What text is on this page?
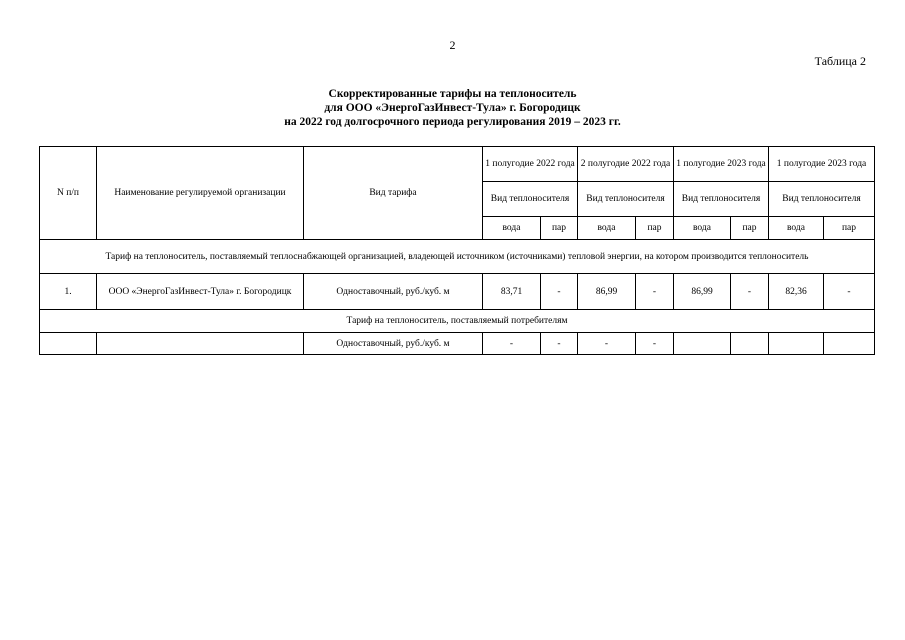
2
Таблица 2
Скорректированные тарифы на теплоноситель
для ООО «ЭнергоГазИнвест-Тула» г. Богородицк
на 2022 год долгосрочного периода регулирования 2019 – 2023 гг.
N п/п	Наименование регулируемой организации	Вид тарифа	1 полугодие 2022 года		2 полугодие 2022 года		1 полугодие 2023 года		1 полугодие 2023 года	
			Вид теплоносителя		Вид теплоносителя		Вид теплоносителя		Вид теплоносителя	
			вода	пар	вода	пар	вода	пар	вода	пар
Тариф на теплоноситель, поставляемый теплоснабжающей организацией, владеющей источником (источниками) тепловой энергии, на котором производится теплоноситель										
1.	ООО «ЭнергоГазИнвест-Тула» г. Богородицк	Одноставочный, руб./куб. м	83,71	-	86,99	-	86,99	-	82,36	-
Тариф на теплоноситель, поставляемый потребителям										
		Одноставочный, руб./куб. м	-	-	-	-				
